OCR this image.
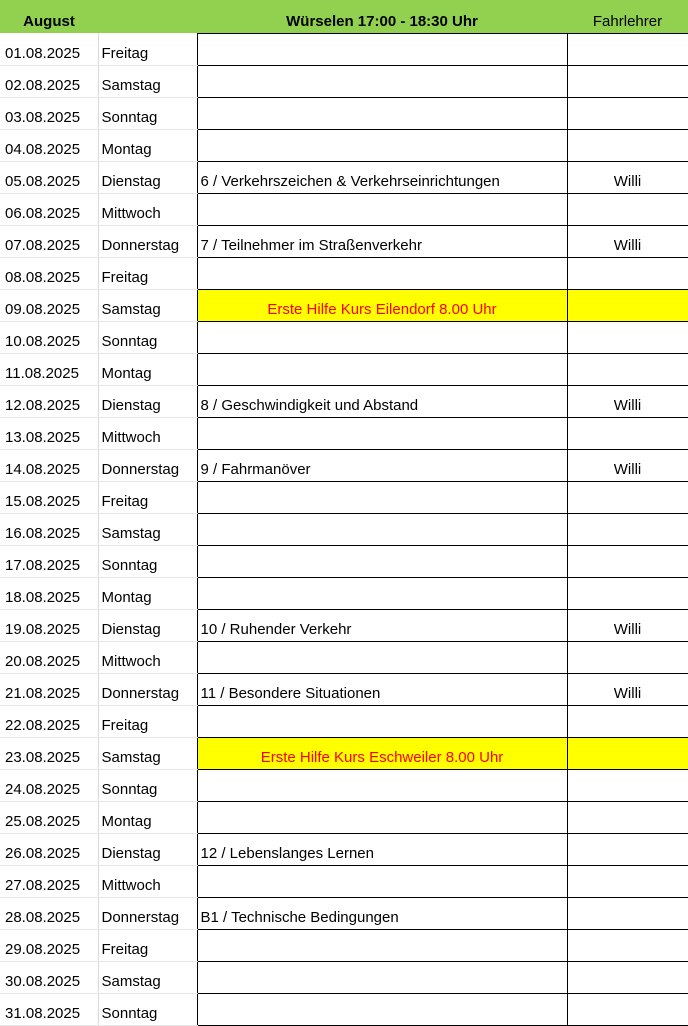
August		Würselen 17:00 - 18:30 Uhr	Fahrlehrer
01.08.2025	Freitag		
02.08.2025	Samstag		
03.08.2025	Sonntag		
04.08.2025	Montag		
05.08.2025	Dienstag	6 / Verkehrszeichen & Verkehrseinrichtungen	Willi
06.08.2025	Mittwoch		
07.08.2025	Donnerstag	7 / Teilnehmer im Straßenverkehr	Willi
08.08.2025	Freitag		
09.08.2025	Samstag	Erste Hilfe Kurs Eilendorf 8.00 Uhr	
10.08.2025	Sonntag		
11.08.2025	Montag		
12.08.2025	Dienstag	8 / Geschwindigkeit und Abstand	Willi
13.08.2025	Mittwoch		
14.08.2025	Donnerstag	9 / Fahrmanöver	Willi
15.08.2025	Freitag		
16.08.2025	Samstag		
17.08.2025	Sonntag		
18.08.2025	Montag		
19.08.2025	Dienstag	10 / Ruhender Verkehr	Willi
20.08.2025	Mittwoch		
21.08.2025	Donnerstag	11 / Besondere Situationen	Willi
22.08.2025	Freitag		
23.08.2025	Samstag	Erste Hilfe Kurs Eschweiler 8.00 Uhr	
24.08.2025	Sonntag		
25.08.2025	Montag		
26.08.2025	Dienstag	12 / Lebenslanges Lernen	
27.08.2025	Mittwoch		
28.08.2025	Donnerstag	B1 / Technische Bedingungen	
29.08.2025	Freitag		
30.08.2025	Samstag		
31.08.2025	Sonntag		
